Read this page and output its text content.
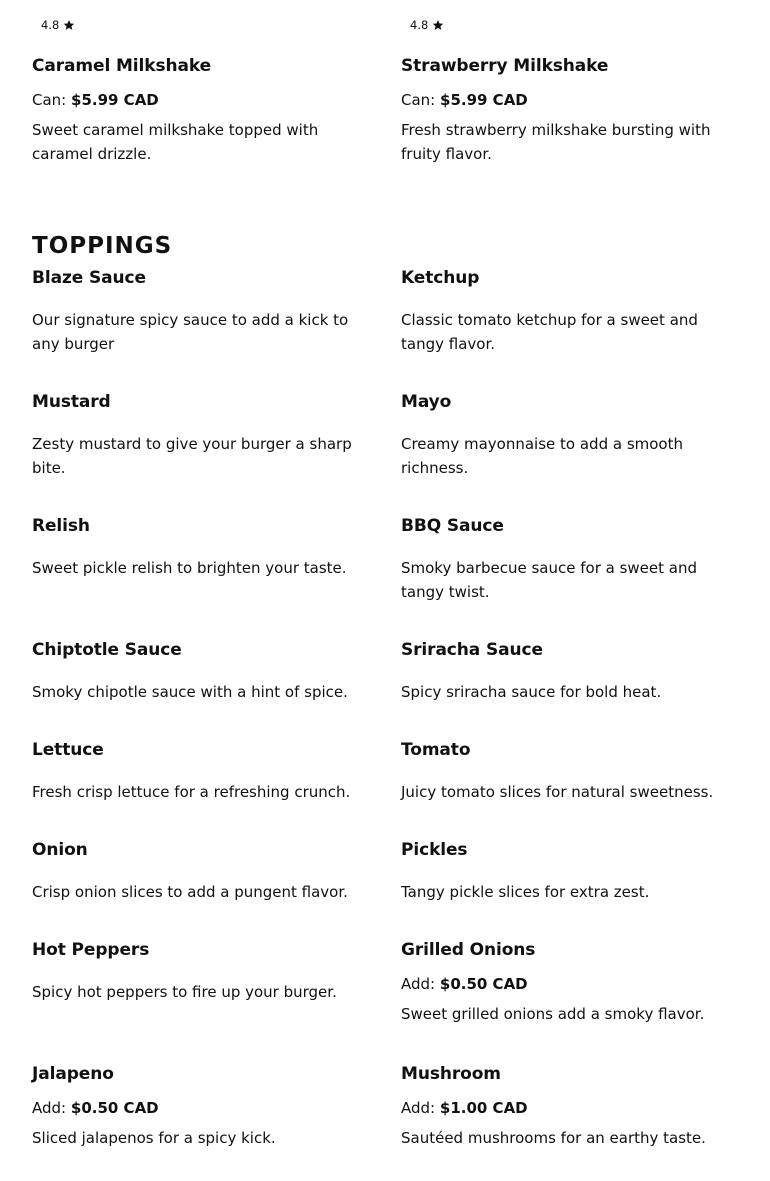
4.8	4.8
Caramel Milkshake
Can: $5.99 CAD
Sweet caramel milkshake topped with caramel drizzle.
Strawberry Milkshake
Can: $5.99 CAD
Fresh strawberry milkshake bursting with fruity flavor.
TOPPINGS
Blaze Sauce
Our signature spicy sauce to add a kick to any burger
Ketchup
Classic tomato ketchup for a sweet and tangy flavor.
Mustard
Zesty mustard to give your burger a sharp bite.
Mayo
Creamy mayonnaise to add a smooth richness.
Relish
Sweet pickle relish to brighten your taste.
BBQ Sauce
Smoky barbecue sauce for a sweet and tangy twist.
Chiptotle Sauce
Smoky chipotle sauce with a hint of spice.
Sriracha Sauce
Spicy sriracha sauce for bold heat.
Lettuce
Fresh crisp lettuce for a refreshing crunch.
Tomato
Juicy tomato slices for natural sweetness.
Onion
Crisp onion slices to add a pungent flavor.
Pickles
Tangy pickle slices for extra zest.
Hot Peppers
Spicy hot peppers to fire up your burger.
Grilled Onions
Add: $0.50 CAD
Sweet grilled onions add a smoky flavor.
Jalapeno
Add: $0.50 CAD
Sliced jalapenos for a spicy kick.
Mushroom
Add: $1.00 CAD
Sautéed mushrooms for an earthy taste.
